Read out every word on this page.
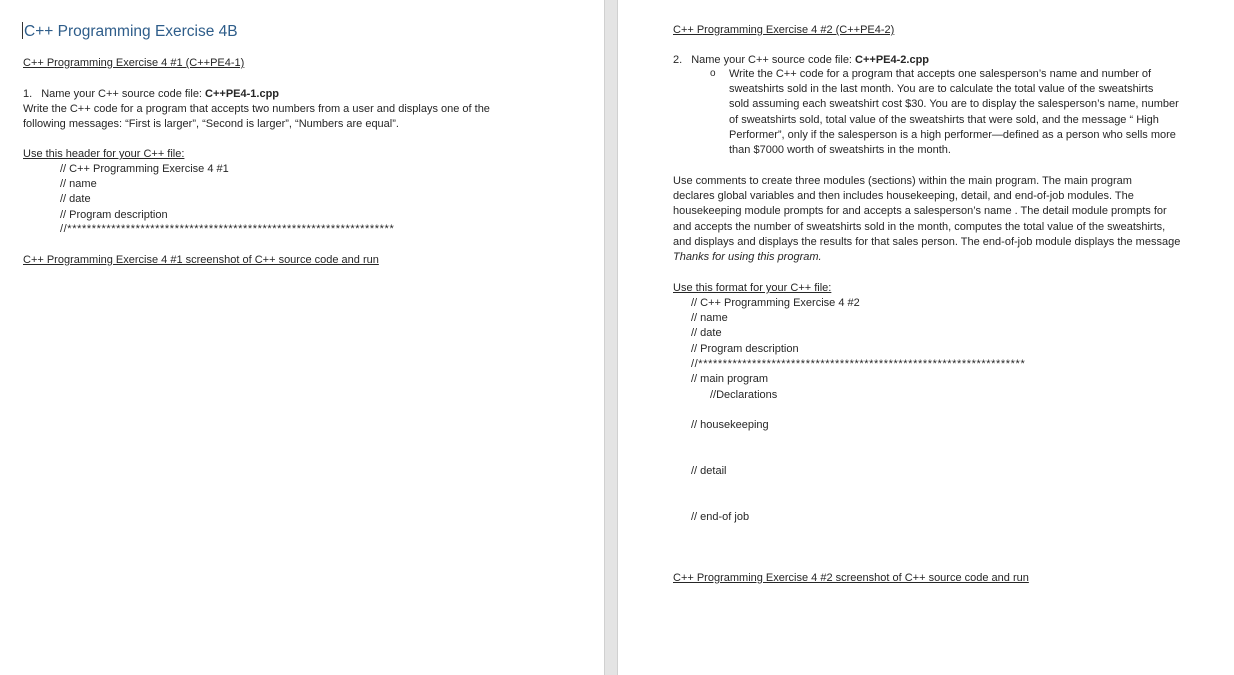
C++ Programming Exercise 4B
C++ Programming Exercise 4 #1 (C++PE4-1)
1. Name your C++ source code file: C++PE4-1.cpp
Write the C++ code for a program that accepts two numbers from a user and displays one of the
following messages: “First is larger”, “Second is larger”, “Numbers are equal”.
Use this header for your C++ file:
// C++ Programming Exercise 4 #1
// name
// date
// Program description
//*******************************************************************
C++ Programming Exercise 4 #1 screenshot of C++ source code and run
C++ Programming Exercise 4 #2 (C++PE4-2)
2. Name your C++ source code file: C++PE4-2.cpp
o Write the C++ code for a program that accepts one salesperson’s name and number of
sweatshirts sold in the last month. You are to calculate the total value of the sweatshirts
sold assuming each sweatshirt cost $30. You are to display the salesperson’s name, number
of sweatshirts sold, total value of the sweatshirts that were sold, and the message “ High
Performer”, only if the salesperson is a high performer—defined as a person who sells more
than $7000 worth of sweatshirts in the month.
Use comments to create three modules (sections) within the main program. The main program
declares global variables and then includes housekeeping, detail, and end-of-job modules. The
housekeeping module prompts for and accepts a salesperson’s name . The detail module prompts for
and accepts the number of sweatshirts sold in the month, computes the total value of the sweatshirts,
and displays and displays the results for that sales person. The end-of-job module displays the message
Thanks for using this program.
Use this format for your C++ file:
// C++ Programming Exercise 4 #2
// name
// date
// Program description
//*******************************************************************
// main program
//Declarations
// housekeeping
// detail
// end-of job
C++ Programming Exercise 4 #2 screenshot of C++ source code and run
